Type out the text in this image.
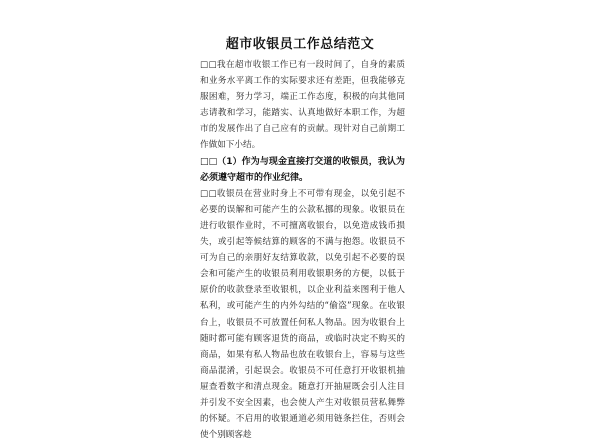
超市收银员工作总结范文

□□我在超市收银工作已有一段时间了，自身的素质和业务水平离工作的实际要求还有差距，但我能够克服困难，努力学习，端正工作态度，积极的向其他同志请教和学习，能踏实、认真地做好本职工作，为超市的发展作出了自己应有的贡献。现针对自己前期工作做如下小结。

□□（1）作为与现金直接打交道的收银员，我认为必须遵守超市的作业纪律。

□□收银员在营业时身上不可带有现金，以免引起不必要的误解和可能产生的公款私挪的现象。收银员在进行收银作业时，不可擅离收银台，以免造成钱币损失，或引起等候结算的顾客的不满与抱怨。收银员不可为自己的亲朋好友结算收款，以免引起不必要的误会和可能产生的收银员利用收银职务的方便，以低于原价的收款登录至收银机，以企业利益来图利于他人私利，或可能产生的内外勾结的“偷盗”现象。在收银台上，收银员不可放置任何私人物品。因为收银台上随时都可能有顾客退货的商品，或临时决定不购买的商品，如果有私人物品也放在收银台上，容易与这些商品混淆，引起误会。收银员不可任意打开收银机抽屉查看数字和清点现金。随意打开抽屉既会引人注目并引发不安全因素，也会使人产生对收银员营私舞弊的怀疑。不启用的收银通道必须用链条拦住，否则会使个别顾客趁
